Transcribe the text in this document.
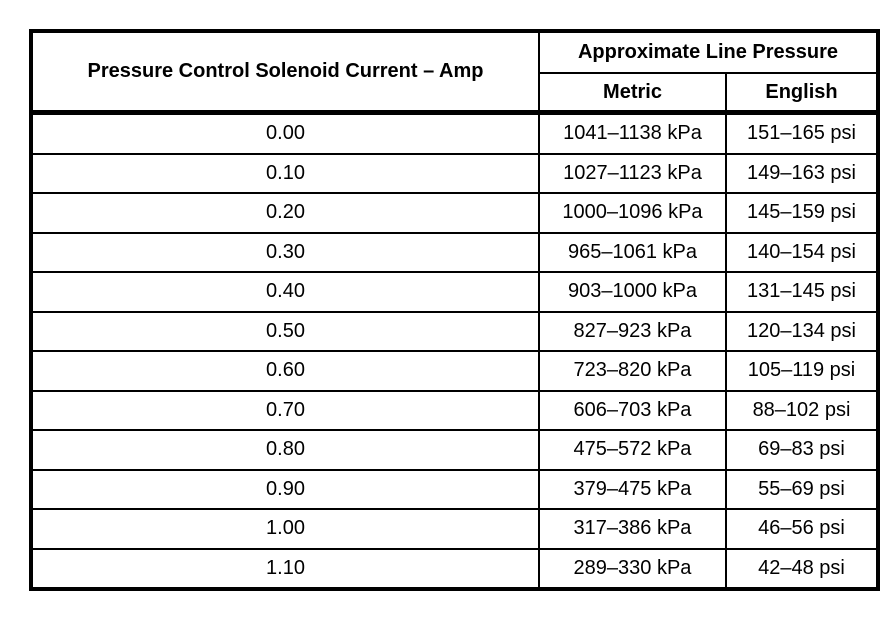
Pressure Control Solenoid Current – Amp	Approximate Line Pressure	
	Metric	English
0.00	1041–1138 kPa	151–165 psi
0.10	1027–1123 kPa	149–163 psi
0.20	1000–1096 kPa	145–159 psi
0.30	965–1061 kPa	140–154 psi
0.40	903–1000 kPa	131–145 psi
0.50	827–923 kPa	120–134 psi
0.60	723–820 kPa	105–119 psi
0.70	606–703 kPa	88–102 psi
0.80	475–572 kPa	69–83 psi
0.90	379–475 kPa	55–69 psi
1.00	317–386 kPa	46–56 psi
1.10	289–330 kPa	42–48 psi
